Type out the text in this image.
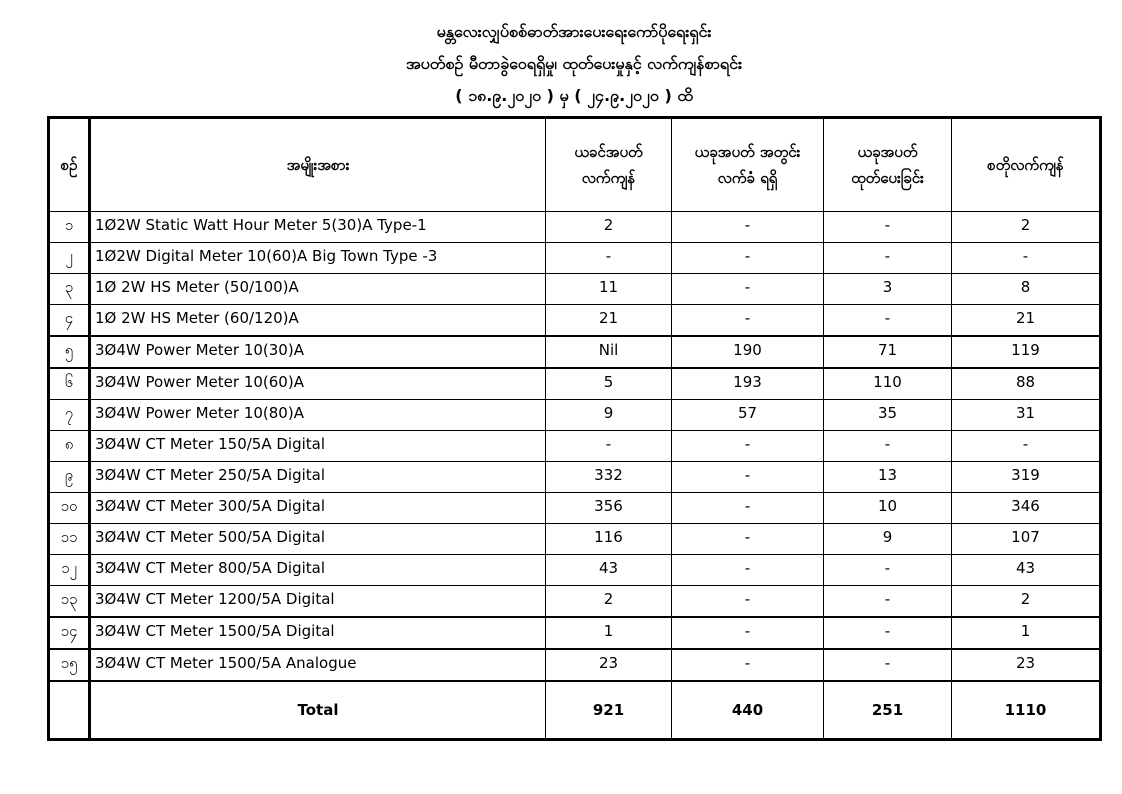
မန္တလေးလျှပ်စစ်ဓာတ်အားပေးရေးကော်ပိုရေးရှင်း
အပတ်စဉ် မီတာခွဲဝေရရှိမှု၊ ထုတ်ပေးမှုနှင့် လက်ကျန်စာရင်း
( ၁၈.၉.၂၀၂၀ ) မှ ( ၂၄.၉.၂၀၂၀ ) ထိ
စဉ်	အမျိုးအစား	ယခင်အပတ် လက်ကျန်	ယခုအပတ် အတွင်းလက်ခံ ရရှိ	ယခုအပတ် ထုတ်ပေးခြင်း	စတိုလက်ကျန်
၁	1Ø2W Static Watt Hour Meter 5(30)A Type-1	2	-	-	2
၂	1Ø2W Digital Meter 10(60)A Big Town Type -3	-	-	-	-
၃	1Ø 2W HS Meter (50/100)A	11	-	3	8
၄	1Ø 2W HS Meter (60/120)A	21	-	-	21
၅	3Ø4W Power Meter 10(30)A	Nil	190	71	119
၆	3Ø4W Power Meter 10(60)A	5	193	110	88
၇	3Ø4W Power Meter 10(80)A	9	57	35	31
၈	3Ø4W CT Meter 150/5A Digital	-	-	-	-
၉	3Ø4W CT Meter 250/5A Digital	332	-	13	319
၁၀	3Ø4W CT Meter 300/5A Digital	356	-	10	346
၁၁	3Ø4W CT Meter 500/5A Digital	116	-	9	107
၁၂	3Ø4W CT Meter 800/5A Digital	43	-	-	43
၁၃	3Ø4W CT Meter 1200/5A Digital	2	-	-	2
၁၄	3Ø4W CT Meter 1500/5A Digital	1	-	-	1
၁၅	3Ø4W CT Meter 1500/5A Analogue	23	-	-	23
	Total	921	440	251	1110
